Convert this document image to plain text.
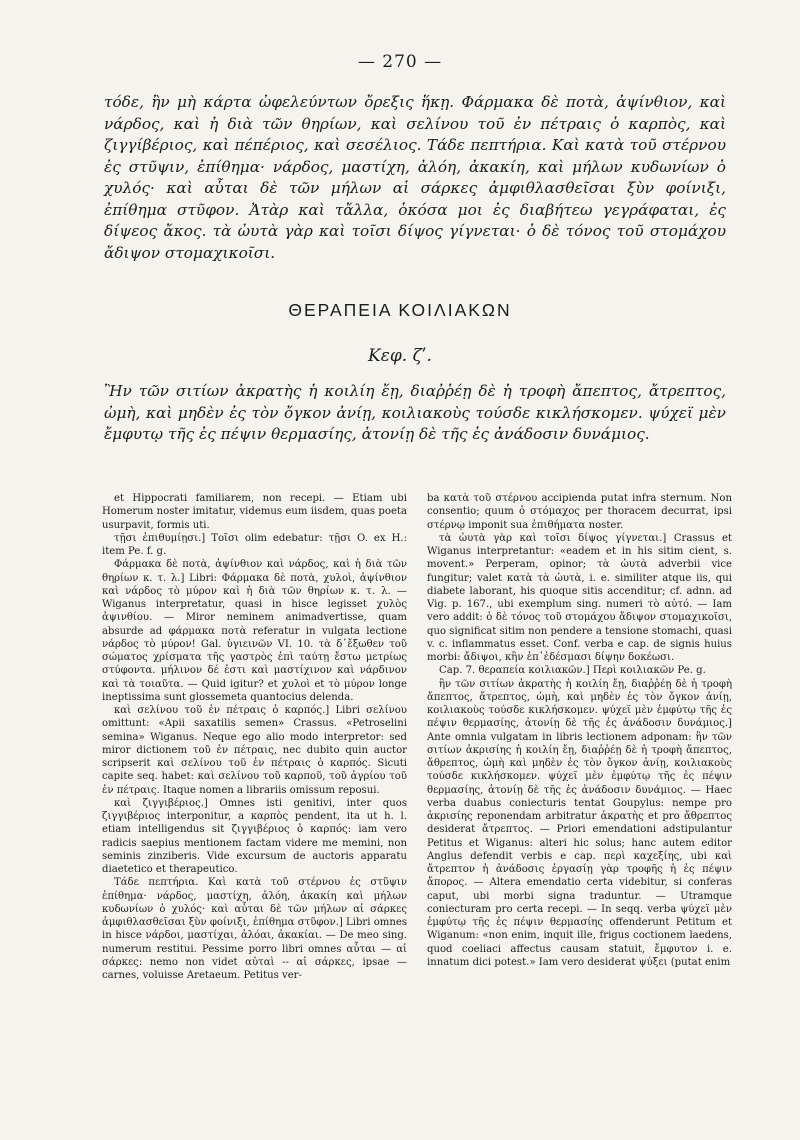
— 270 —

τόδε, ἢν μὴ κάρτα ὠφελεύντων ὄρεξις ἥκῃ. Φάρμακα δὲ ποτὰ, ἀψίνθιον, καὶ νάρδος, καὶ ἡ διὰ τῶν θηρίων, καὶ σελίνου τοῦ ἐν πέτραις ὁ καρπὸς, καὶ ζιγγίβέριος, καὶ πέπέριος, καὶ σεσέλιος. Τάδε πεπτήρια. Καὶ κατὰ τοῦ στέρνου ἐς στῦψιν, ἐπίθημα· νάρδος, μαστίχη, ἀλόη, ἀκακίη, καὶ μήλων κυδωνίων ὁ χυλός· καὶ αὗται δὲ τῶν μήλων αἱ σάρκες ἀμφιθλασθεῖσαι ξὺν φοίνιξι, ἐπίθημα στῦφον. Ἀτὰρ καὶ τἄλλα, ὁκόσα μοι ἐς διαβήτεω γεγράφαται, ἐς δίψεος ἄκος. τὰ ὠυτὰ γὰρ καὶ τοῖσι δίψος γίγνεται· ὁ δὲ τόνος τοῦ στομάχου ἄδιψον στομαχικοῖσι.

ΘΕΡΑΠΕΙΑ ΚΟΙΛΙΑΚΩΝ
Κεφ. ζʹ.

Ἢν τῶν σιτίων ἀκρατὴς ἡ κοιλίη ἔῃ, διαῤῥέῃ δὲ ἡ τροφὴ ἄπεπτος, ἄτρεπτος, ὠμὴ, καὶ μηδὲν ἐς τὸν ὄγκον ἀνίῃ, κοιλιακοὺς τούσδε κικλήσκομεν. ψύχεϊ μὲν ἔμφυτῳ τῆς ἐς πέψιν θερμασίης, ἀτονίῃ δὲ τῆς ἐς ἀνάδοσιν δυνάμιος.

et Hippocrati familiarem, non recepi. — Etiam ubi Homerum noster imitatur, videmus eum iisdem, quas poeta usurpavit, formis uti.

τῇσι ἐπιθυμίῃσι.] Τοῖσι olim edebatur: τῇσι O. ex H.: item Pe. f. g.

Φάρμακα δὲ ποτὰ, ἀψίνθιον καὶ νάρδος, καὶ ἡ διὰ τῶν θηρίων κ. τ. λ.] Libri: Φάρμακα δὲ ποτὰ, χυλοὶ, ἀψίνθιον καὶ νάρδος τὸ μύρον καὶ ἡ διὰ τῶν θηρίων κ. τ. λ. — Wiganus interpretatur, quasi in hisce legisset χυλὸς ἀψινθίου. — Miror neminem animadvertisse, quam absurde ad φάρμακα ποτὰ referatur in vulgata lectione νάρδος τὸ μύρον! Gal. ὑγιεινῶν VI. 10. τὰ δ᾽ἔξωθεν τοῦ σώματος χρίσματα τῆς γαστρὸς ἐπὶ ταύτῃ ἔστω μετρίως στύφοντα. μήλινον δέ ἐστι καὶ μαστίχινον καὶ νάρδινον καὶ τὰ τοιαῦτα. — Quid igitur? et χυλοὶ et τὸ μύρον longe ineptissima sunt glossemeta quantocius delenda.

καὶ σελίνου τοῦ ἐν πέτραις ὁ καρπός.] Libri σελίνου omittunt: «Apii saxatilis semen» Crassus. «Petroselini semina» Wiganus. Neque ego alio modo interpretor: sed miror dictionem τοῦ ἐν πέτραις, nec dubito quin auctor scripserit καὶ σελίνου τοῦ ἐν πέτραις ὁ καρπός. Sicuti capite seq. habet: καὶ σελίνου τοῦ καρποῦ, τοῦ ἀγρίου τοῦ ἐν πέτραις. Itaque nomen a librariis omissum reposui.

καὶ ζιγγιβέριος.] Omnes isti genitivi, inter quos ζιγγιβέριος interponitur, a καρπὸς pendent, ita ut h. l. etiam intelligendus sit ζιγγιβέριος ὁ καρπός: iam vero radicis saepius mentionem factam videre me memini, non seminis zinziberis. Vide excursum de auctoris apparatu diaetetico et therapeutico.

Τάδε πεπτήρια. Καὶ κατὰ τοῦ στέρνου ἐς στῦψιν ἐπίθημα· νάρδος, μαστίχη, ἀλόη, ἀκακίη καὶ μήλων κυδωνίων ὁ χυλός· καὶ αὗται δὲ τῶν μήλων αἱ σάρκες ἀμφιθλασθεῖσαι ξὺν φοίνιξι, ἐπίθημα στῦφον.] Libri omnes in hisce νάρδοι, μαστίχαι, ἀλόαι, ἀκακίαι. — De meo sing. numerum restitui. Pessime porro libri omnes αὗται — αἱ σάρκες: nemo non videt αὐταὶ -- αἱ σάρκες, ipsae — carnes, voluisse Aretaeum. Petitus ver-

ba κατὰ τοῦ στέρνου accipienda putat infra sternum. Non consentio; quum ὁ στόμαχος per thoracem decurrat, ipsi στέρνῳ imponit sua ἐπιθήματα noster.

τὰ ὠυτὰ γὰρ καὶ τοῖσι δίψος γίγνεται.] Crassus et Wiganus interpretantur: «eadem et in his sitim cient, s. movent.» Perperam, opinor; τὰ ὠυτὰ adverbii vice fungitur; valet κατὰ τὰ ὠυτὰ, i. e. similiter atque iis, qui diabete laborant, his quoque sitis accenditur; cf. adnn. ad Vig. p. 167., ubi exemplum sing. numeri τὸ αὐτό. — Iam vero addit: ὁ δὲ τόνος τοῦ στομάχου ἄδιψον στομαχικοῖσι, quo significat sitim non pendere a tensione stomachi, quasi v. c. inflammatus esset. Conf. verba e cap. de signis huius morbi: ἄδιψοι, κἢν ἐπ᾽ἐδέσμασι δίψην δοκέωσι.

Cap. 7. θεραπεία κοιλιακῶν.] Περὶ κοιλιακῶν Pe. g.

ἢν τῶν σιτίων ἀκρατὴς ἡ κοιλίη ἔῃ, διαῤῥέῃ δὲ ἡ τροφὴ ἄπεπτος, ἄτρεπτος, ὠμὴ, καὶ μηδὲν ἐς τὸν ὄγκον ἀνίῃ, κοιλιακοὺς τούσδε κικλήσκομεν. ψύχεϊ μὲν ἐμφύτῳ τῆς ἐς πέψιν θερμασίης, ἀτονίῃ δὲ τῆς ἐς ἀνάδοσιν δυνάμιος.] Ante omnia vulgatam in libris lectionem adponam: ἢν τῶν σιτίων ἀκρισίης ἡ κοιλίη ἔῃ, διαῤῥέῃ δὲ ἡ τροφὴ ἄπεπτος, ἄθρεπτος, ὠμὴ καὶ μηδὲν ἐς τὸν ὄγκον ἀνίῃ, κοιλιακοὺς τούσδε κικλήσκομεν. ψύχεϊ μὲν ἐμφύτῳ τῆς ἐς πέψιν θερμασίης, ἀτονίῃ δὲ τῆς ἐς ἀνάδοσιν δυνάμιος. — Haec verba duabus coniecturis tentat Goupylus: nempe pro ἀκρισίης reponendam arbitratur ἀκρατὴς et pro ἄθρεπτος desiderat ἄτρεπτος. — Priori emendationi adstipulantur Petitus et Wiganus: alteri hic solus; hanc autem editor Anglus defendit verbis e cap. περὶ καχεξίης, ubi καὶ ἄτρεπτον ἡ ἀνάδοσις ἐργασίῃ γὰρ τροφῆς ἡ ἐς πέψιν ἄπορος. — Altera emendatio certa videbitur, si conferas caput, ubi morbi signa traduntur. — Utramque coniecturam pro certa recepi. — In seqq. verba ψύχεϊ μὲν ἐμφύτῳ τῆς ἐς πέψιν θερμασίης offenderunt Petitum et Wiganum: «non enim, inquit ille, frigus coctionem laedens, quod coeliaci affectus causam statuit, ἔμφυτον i. e. innatum dici potest.» Iam vero desiderat ψύξει (putat enim
